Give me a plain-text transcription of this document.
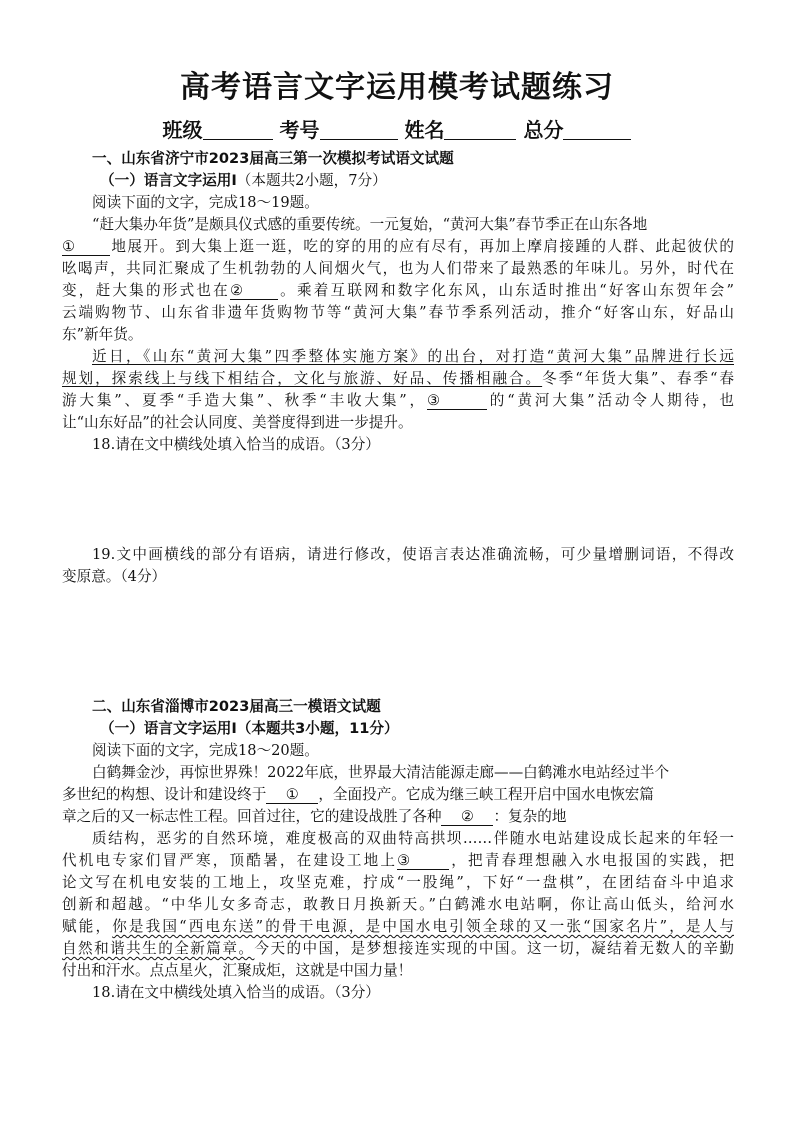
高考语言文字运用模考试题练习
班级	考号	姓名	总分
一、山东省济宁市2023届高三第一次模拟考试语文试题
（一）语言文字运用Ⅰ（本题共2小题，7分）
阅读下面的文字，完成18～19题。
“赶大集办年货”是颇具仪式感的重要传统。一元复始，“黄河大集”春节季正在山东各地
① 地展开。到大集上逛一逛，吃的穿的用的应有尽有，再加上摩肩接踵的人群、此起彼伏的
吆喝声，共同汇聚成了生机勃勃的人间烟火气，也为人们带来了最熟悉的年味儿。另外，时代在
变，赶大集的形式也在② 。乘着互联网和数字化东风，山东适时推出“好客山东贺年会”
云端购物节、山东省非遗年货购物节等“黄河大集”春节季系列活动，推介“好客山东，好品山
东”新年货。
近日，《山东“黄河大集”四季整体实施方案》的出台，对打造“黄河大集”品牌进行长远
规划，探索线上与线下相结合，文化与旅游、好品、传播相融合。冬季“年货大集”、春季“春
游大集”、夏季“手造大集”、秋季“丰收大集”，③	的“黄河大集”活动令人期待，也
让“山东好品”的社会认同度、美誉度得到进一步提升。
18.请在文中横线处填入恰当的成语。（3分）
19.文中画横线的部分有语病，请进行修改，使语言表达准确流畅，可少量增删词语，不得改
变原意。（4分）
二、山东省淄博市2023届高三一模语文试题
（一）语言文字运用Ⅰ（本题共3小题，11分）
阅读下面的文字，完成18～20题。
白鹤舞金沙，再惊世界殊！2022年底，世界最大清洁能源走廊——白鹤滩水电站经过半个
多世纪的构想、设计和建设终于 ① ，全面投产。它成为继三峡工程开启中国水电恢宏篇
章之后的又一标志性工程。回首过往，它的建设战胜了各种 ② ：复杂的地
质结构，恶劣的自然环境，难度极高的双曲特高拱坝……伴随水电站建设成长起来的年轻一
代机电专家们冒严寒，顶酷暑，在建设工地上③	，把青春理想融入水电报国的实践，把
论文写在机电安装的工地上，攻坚克难，拧成“一股绳”，下好“一盘棋”，在团结奋斗中追求
创新和超越。“中华儿女多奇志，敢教日月换新天。”白鹤滩水电站啊，你让高山低头，给河水
赋能，你是我国“西电东送”的骨干电源，是中国水电引领全球的又一张“国家名片”，是人与
自然和谐共生的全新篇章。今天的中国，是梦想接连实现的中国。这一切，凝结着无数人的辛勤
付出和汗水。点点星火，汇聚成炬，这就是中国力量！
18.请在文中横线处填入恰当的成语。（3分）
